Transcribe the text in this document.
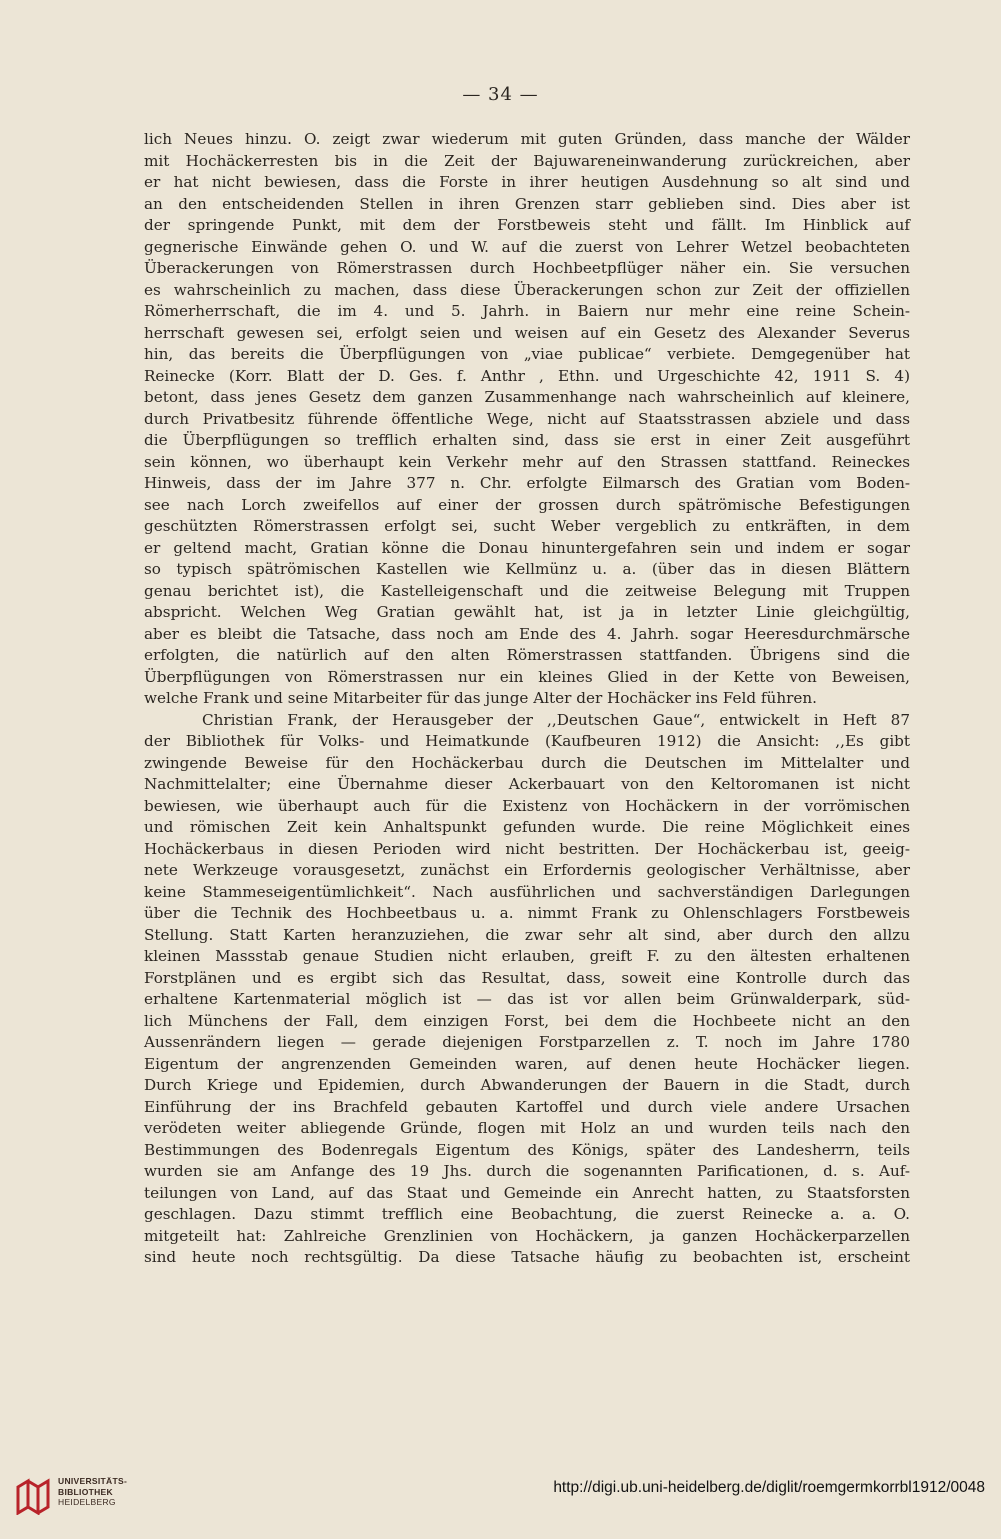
— 34 —
lich Neues hinzu. O. zeigt zwar wiederum mit guten Gründen, dass manche der Wälder
mit Hochäckerresten bis in die Zeit der Bajuwareneinwanderung zurückreichen, aber
er hat nicht bewiesen, dass die Forste in ihrer heutigen Ausdehnung so alt sind und
an den entscheidenden Stellen in ihren Grenzen starr geblieben sind. Dies aber ist
der springende Punkt, mit dem der Forstbeweis steht und fällt. Im Hinblick auf
gegnerische Einwände gehen O. und W. auf die zuerst von Lehrer Wetzel beobachteten
Überackerungen von Römerstrassen durch Hochbeetpflüger näher ein. Sie versuchen
es wahrscheinlich zu machen, dass diese Überackerungen schon zur Zeit der offiziellen
Römerherrschaft, die im 4. und 5. Jahrh. in Baiern nur mehr eine reine Schein-
herrschaft gewesen sei, erfolgt seien und weisen auf ein Gesetz des Alexander Severus
hin, das bereits die Überpflügungen von „viae publicae“ verbiete. Demgegenüber hat
Reinecke (Korr. Blatt der D. Ges. f. Anthr , Ethn. und Urgeschichte 42, 1911 S. 4)
betont, dass jenes Gesetz dem ganzen Zusammenhange nach wahrscheinlich auf kleinere,
durch Privatbesitz führende öffentliche Wege, nicht auf Staatsstrassen abziele und dass
die Überpflügungen so trefflich erhalten sind, dass sie erst in einer Zeit ausgeführt
sein können, wo überhaupt kein Verkehr mehr auf den Strassen stattfand. Reineckes
Hinweis, dass der im Jahre 377 n. Chr. erfolgte Eilmarsch des Gratian vom Boden-
see nach Lorch zweifellos auf einer der grossen durch spätrömische Befestigungen
geschützten Römerstrassen erfolgt sei, sucht Weber vergeblich zu entkräften, in dem
er geltend macht, Gratian könne die Donau hinuntergefahren sein und indem er sogar
so typisch spätrömischen Kastellen wie Kellmünz u. a. (über das in diesen Blättern
genau berichtet ist), die Kastelleigenschaft und die zeitweise Belegung mit Truppen
abspricht. Welchen Weg Gratian gewählt hat, ist ja in letzter Linie gleichgültig,
aber es bleibt die Tatsache, dass noch am Ende des 4. Jahrh. sogar Heeresdurchmärsche
erfolgten, die natürlich auf den alten Römerstrassen stattfanden. Übrigens sind die
Überpflügungen von Römerstrassen nur ein kleines Glied in der Kette von Beweisen,
welche Frank und seine Mitarbeiter für das junge Alter der Hochäcker ins Feld führen.
Christian Frank, der Herausgeber der ,,Deutschen Gaue“, entwickelt in Heft 87
der Bibliothek für Volks- und Heimatkunde (Kaufbeuren 1912) die Ansicht: ,,Es gibt
zwingende Beweise für den Hochäckerbau durch die Deutschen im Mittelalter und
Nachmittelalter; eine Übernahme dieser Ackerbauart von den Keltoromanen ist nicht
bewiesen, wie überhaupt auch für die Existenz von Hochäckern in der vorrömischen
und römischen Zeit kein Anhaltspunkt gefunden wurde. Die reine Möglichkeit eines
Hochäckerbaus in diesen Perioden wird nicht bestritten. Der Hochäckerbau ist, geeig-
nete Werkzeuge vorausgesetzt, zunächst ein Erfordernis geologischer Verhältnisse, aber
keine Stammeseigentümlichkeit“. Nach ausführlichen und sachverständigen Darlegungen
über die Technik des Hochbeetbaus u. a. nimmt Frank zu Ohlenschlagers Forstbeweis
Stellung. Statt Karten heranzuziehen, die zwar sehr alt sind, aber durch den allzu
kleinen Massstab genaue Studien nicht erlauben, greift F. zu den ältesten erhaltenen
Forstplänen und es ergibt sich das Resultat, dass, soweit eine Kontrolle durch das
erhaltene Kartenmaterial möglich ist — das ist vor allen beim Grünwalderpark, süd-
lich Münchens der Fall, dem einzigen Forst, bei dem die Hochbeete nicht an den
Aussenrändern liegen — gerade diejenigen Forstparzellen z. T. noch im Jahre 1780
Eigentum der angrenzenden Gemeinden waren, auf denen heute Hochäcker liegen.
Durch Kriege und Epidemien, durch Abwanderungen der Bauern in die Stadt, durch
Einführung der ins Brachfeld gebauten Kartoffel und durch viele andere Ursachen
verödeten weiter abliegende Gründe, flogen mit Holz an und wurden teils nach den
Bestimmungen des Bodenregals Eigentum des Königs, später des Landesherrn, teils
wurden sie am Anfange des 19 Jhs. durch die sogenannten Parificationen, d. s. Auf-
teilungen von Land, auf das Staat und Gemeinde ein Anrecht hatten, zu Staatsforsten
geschlagen. Dazu stimmt trefflich eine Beobachtung, die zuerst Reinecke a. a. O.
mitgeteilt hat: Zahlreiche Grenzlinien von Hochäckern, ja ganzen Hochäckerparzellen
sind heute noch rechtsgültig. Da diese Tatsache häufig zu beobachten ist, erscheint
UNIVERSITÄTS-
BIBLIOTHEK
HEIDELBERG
http://digi.ub.uni-heidelberg.de/diglit/roemgermkorrbl1912/0048
